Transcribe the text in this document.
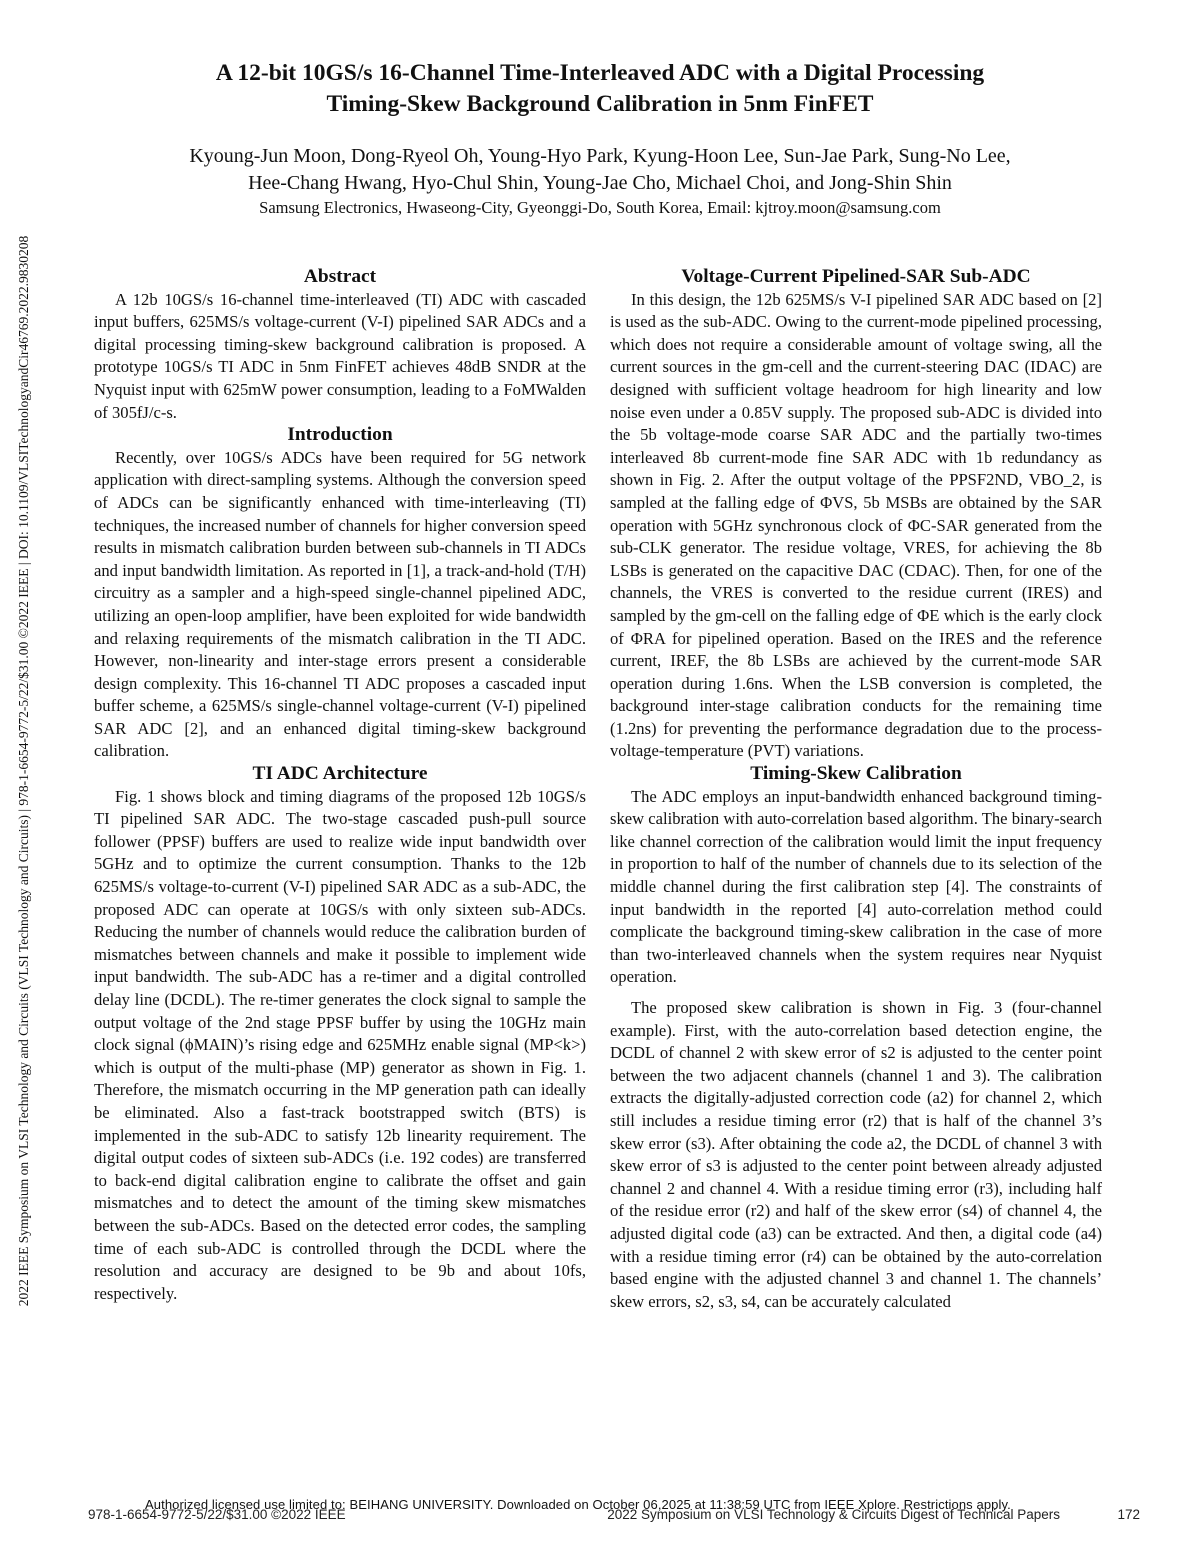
2022 IEEE Symposium on VLSI Technology and Circuits (VLSI Technology and Circuits) | 978-1-6654-9772-5/22/$31.00 ©2022 IEEE | DOI: 10.1109/VLSITechnologyandCir46769.2022.9830208
A 12-bit 10GS/s 16-Channel Time-Interleaved ADC with a Digital Processing
Timing-Skew Background Calibration in 5nm FinFET
Kyoung-Jun Moon, Dong-Ryeol Oh, Young-Hyo Park, Kyung-Hoon Lee, Sun-Jae Park, Sung-No Lee,
Hee-Chang Hwang, Hyo-Chul Shin, Young-Jae Cho, Michael Choi, and Jong-Shin Shin
Samsung Electronics, Hwaseong-City, Gyeonggi-Do, South Korea, Email: kjtroy.moon@samsung.com
Abstract

A 12b 10GS/s 16-channel time-interleaved (TI) ADC with cascaded input buffers, 625MS/s voltage-current (V-I) pipelined SAR ADCs and a digital processing timing-skew background calibration is proposed. A prototype 10GS/s TI ADC in 5nm FinFET achieves 48dB SNDR at the Nyquist input with 625mW power consumption, leading to a FoMWalden of 305fJ/c-s.

Introduction

Recently, over 10GS/s ADCs have been required for 5G network application with direct-sampling systems. Although the conversion speed of ADCs can be significantly enhanced with time-interleaving (TI) techniques, the increased number of channels for higher conversion speed results in mismatch calibration burden between sub-channels in TI ADCs and input bandwidth limitation. As reported in [1], a track-and-hold (T/H) circuitry as a sampler and a high-speed single-channel pipelined ADC, utilizing an open-loop amplifier, have been exploited for wide bandwidth and relaxing requirements of the mismatch calibration in the TI ADC. However, non-linearity and inter-stage errors present a considerable design complexity. This 16-channel TI ADC proposes a cascaded input buffer scheme, a 625MS/s single-channel voltage-current (V-I) pipelined SAR ADC [2], and an enhanced digital timing-skew background calibration.

TI ADC Architecture

Fig. 1 shows block and timing diagrams of the proposed 12b 10GS/s TI pipelined SAR ADC. The two-stage cascaded push-pull source follower (PPSF) buffers are used to realize wide input bandwidth over 5GHz and to optimize the current consumption. Thanks to the 12b 625MS/s voltage-to-current (V-I) pipelined SAR ADC as a sub-ADC, the proposed ADC can operate at 10GS/s with only sixteen sub-ADCs. Reducing the number of channels would reduce the calibration burden of mismatches between channels and make it possible to implement wide input bandwidth. The sub-ADC has a re-timer and a digital controlled delay line (DCDL). The re-timer generates the clock signal to sample the output voltage of the 2nd stage PPSF buffer by using the 10GHz main clock signal (ϕMAIN)’s rising edge and 625MHz enable signal (MP<k>) which is output of the multi-phase (MP) generator as shown in Fig. 1. Therefore, the mismatch occurring in the MP generation path can ideally be eliminated. Also a fast-track bootstrapped switch (BTS) is implemented in the sub-ADC to satisfy 12b linearity requirement. The digital output codes of sixteen sub-ADCs (i.e. 192 codes) are transferred to back-end digital calibration engine to calibrate the offset and gain mismatches and to detect the amount of the timing skew mismatches between the sub-ADCs. Based on the detected error codes, the sampling time of each sub-ADC is controlled through the DCDL where the resolution and accuracy are designed to be 9b and about 10fs, respectively.

Voltage-Current Pipelined-SAR Sub-ADC

In this design, the 12b 625MS/s V-I pipelined SAR ADC based on [2] is used as the sub-ADC. Owing to the current-mode pipelined processing, which does not require a considerable amount of voltage swing, all the current sources in the gm-cell and the current-steering DAC (IDAC) are designed with sufficient voltage headroom for high linearity and low noise even under a 0.85V supply. The proposed sub-ADC is divided into the 5b voltage-mode coarse SAR ADC and the partially two-times interleaved 8b current-mode fine SAR ADC with 1b redundancy as shown in Fig. 2. After the output voltage of the PPSF2ND, VBO_2, is sampled at the falling edge of ΦVS, 5b MSBs are obtained by the SAR operation with 5GHz synchronous clock of ΦC-SAR generated from the sub-CLK generator. The residue voltage, VRES, for achieving the 8b LSBs is generated on the capacitive DAC (CDAC). Then, for one of the channels, the VRES is converted to the residue current (IRES) and sampled by the gm-cell on the falling edge of ΦE which is the early clock of ΦRA for pipelined operation. Based on the IRES and the reference current, IREF, the 8b LSBs are achieved by the current-mode SAR operation during 1.6ns. When the LSB conversion is completed, the background inter-stage calibration conducts for the remaining time (1.2ns) for preventing the performance degradation due to the process-voltage-temperature (PVT) variations.

Timing-Skew Calibration

The ADC employs an input-bandwidth enhanced background timing-skew calibration with auto-correlation based algorithm. The binary-search like channel correction of the calibration would limit the input frequency in proportion to half of the number of channels due to its selection of the middle channel during the first calibration step [4]. The constraints of input bandwidth in the reported [4] auto-correlation method could complicate the background timing-skew calibration in the case of more than two-interleaved channels when the system requires near Nyquist operation.

The proposed skew calibration is shown in Fig. 3 (four-channel example). First, with the auto-correlation based detection engine, the DCDL of channel 2 with skew error of s2 is adjusted to the center point between the two adjacent channels (channel 1 and 3). The calibration extracts the digitally-adjusted correction code (a2) for channel 2, which still includes a residue timing error (r2) that is half of the channel 3’s skew error (s3). After obtaining the code a2, the DCDL of channel 3 with skew error of s3 is adjusted to the center point between already adjusted channel 2 and channel 4. With a residue timing error (r3), including half of the residue error (r2) and half of the skew error (s4) of channel 4, the adjusted digital code (a3) can be extracted. And then, a digital code (a4) with a residue timing error (r4) can be obtained by the auto-correlation based engine with the adjusted channel 3 and channel 1. The channels’ skew errors, s2, s3, s4, can be accurately calculated

978-1-6654-9772-5/22/$31.00 ©2022 IEEE	2022 Symposium on VLSI Technology & Circuits Digest of Technical Papers	172
Authorized licensed use limited to: BEIHANG UNIVERSITY. Downloaded on October 06,2025 at 11:38:59 UTC from IEEE Xplore. Restrictions apply.
